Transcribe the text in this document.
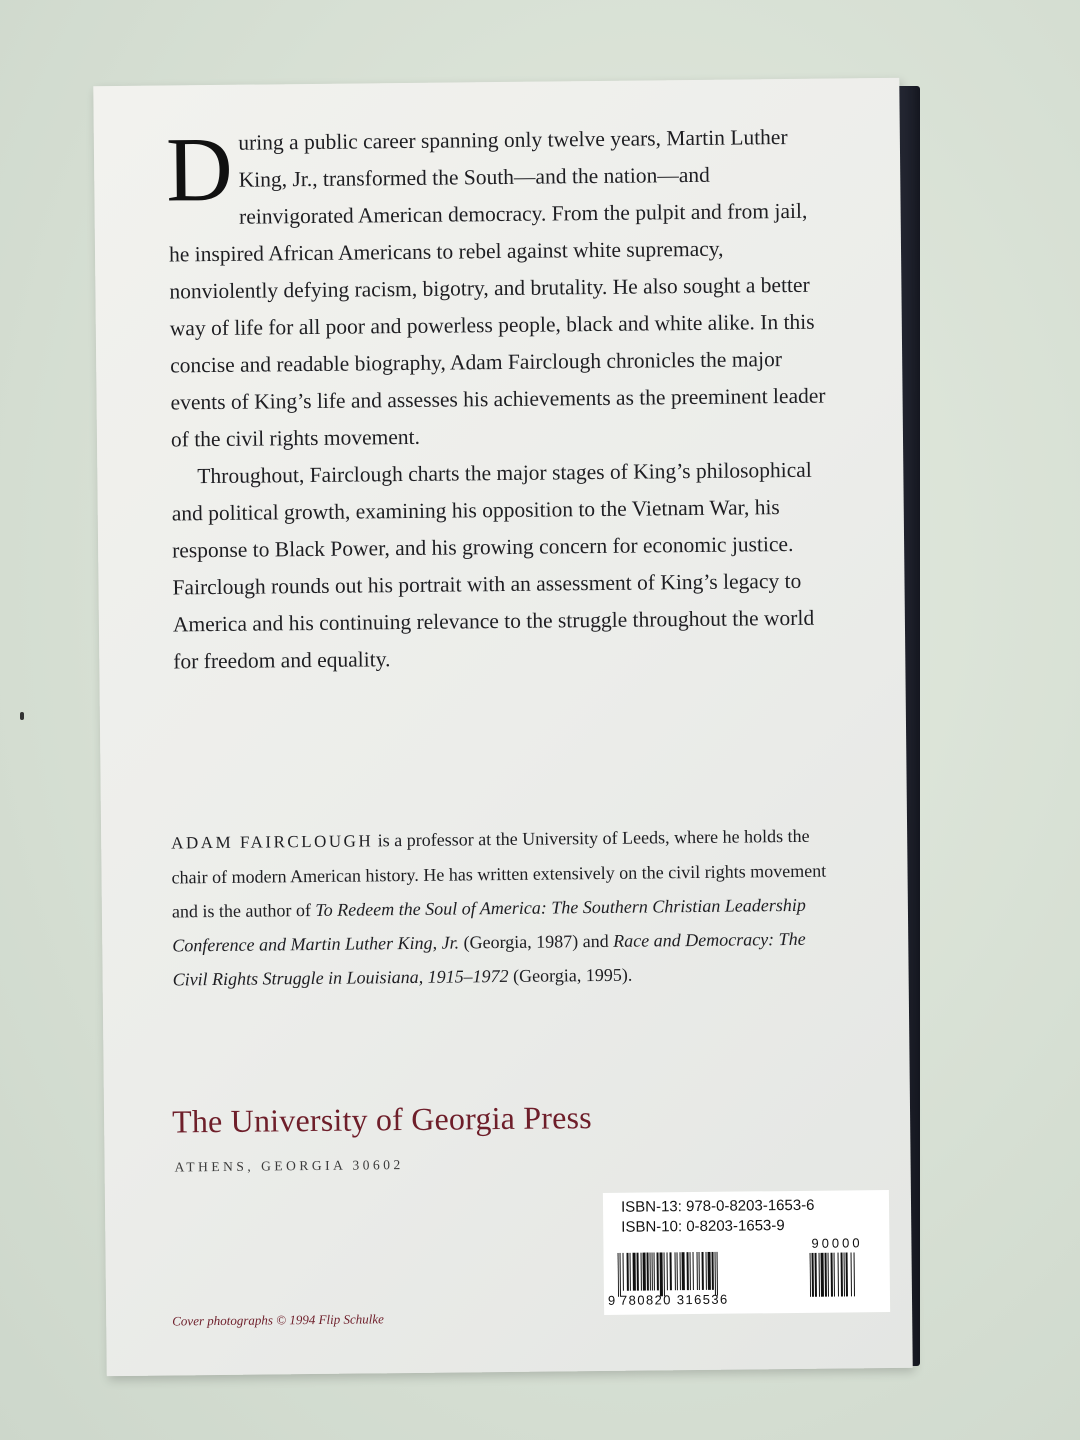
During a public career spanning only twelve years, Martin Luther King, Jr., transformed the South—and the nation—and reinvigorated American democracy. From the pulpit and from jail, he inspired African Americans to rebel against white supremacy, nonviolently defying racism, bigotry, and brutality. He also sought a better way of life for all poor and powerless people, black and white alike. In this concise and readable biography, Adam Fairclough chronicles the major events of King’s life and assesses his achievements as the preeminent leader of the civil rights movement.

Throughout, Fairclough charts the major stages of King’s philosophical and political growth, examining his opposition to the Vietnam War, his response to Black Power, and his growing concern for economic justice. Fairclough rounds out his portrait with an assessment of King’s legacy to America and his continuing relevance to the struggle throughout the world for freedom and equality.

ADAM FAIRCLOUGH is a professor at the University of Leeds, where he holds the chair of modern American history. He has written extensively on the civil rights movement and is the author of To Redeem the Soul of America: The Southern Christian Leadership Conference and Martin Luther King, Jr. (Georgia, 1987) and Race and Democracy: The Civil Rights Struggle in Louisiana, 1915–1972 (Georgia, 1995).

The University of Georgia Press
ATHENS, GEORGIA 30602
Cover photographs © 1994 Flip Schulke
ISBN-13: 978-0-8203-1653-6
ISBN-10: 0-8203-1653-9
90000
9 780820 316536
